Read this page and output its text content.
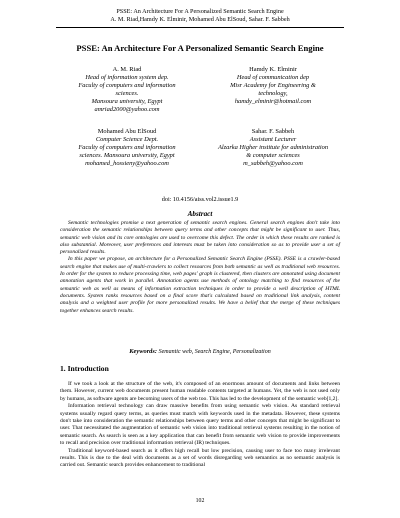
PSSE: An Architecture For A Personalized Semantic Search Engine
A. M. Riad,Hamdy K. Elminir, Mohamed Abu ElSoud, Sahar. F. Sabbeh
PSSE: An Architecture For A Personalized Semantic Search Engine
A. M. Riad
Head of information system dep.
Faculty of computers and information
sciences.
Mansoura university, Egypt
amriad2000@yahoo.com
Hamdy K. Elminir
Head of communication dep
Misr Academy for Engineering &
technology,
hamdy_elminir@hotmail.com
Mohamed Abu ElSoud
Computer Science Dept.
Faculty of computers and information
sciences. Mansoura university, Egypt
mohamed_hossieny@yahoo.com
Sahar. F. Sabbeh
Assistant Lecturer
Alzarka Higher institute for administration
& computer sciences
m_sabbeh@yahoo.com
doi: 10.4156/aiss.vol2.issue1.9
Abstract

Semantic technologies promise a next generation of semantic search engines. General search engines don't take into consideration the semantic relationships between query terms and other concepts that might be significant to user. Thus, semantic web vision and its core ontologies are used to overcome this defect. The order in which these results are ranked is also substantial. Moreover, user preferences and interests must be taken into consideration so as to provide user a set of personalized results.

In this paper we propose, an architecture for a Personalized Semantic Search Engine (PSSE). PSSE is a crawler-based search engine that makes use of multi-crawlers to collect resources from both semantic as well as traditional web resources. In order for the system to reduce processing time, web pages' graph is clustered, then clusters are annotated using document annotation agents that work in parallel. Annotation agents use methods of ontology matching to find resources of the semantic web as well as means of information extraction techniques in order to provide a well description of HTML documents. System ranks resources based on a final score that's calculated based on traditional link analysis, content analysis and a weighted user profile for more personalized results. We have a belief that the merge of these techniques together enhances search results.

Keywords: Semantic web, Search Engine, Personalization
1. Introduction

If we took a look at the structure of the web, it's composed of an enormous amount of documents and links between them. However, current web documents present human readable contents targeted at humans. Yet, the web is not used only by humans, as software agents are becoming users of the web too. This has led to the development of the semantic web[1,2].

Information retrieval technology can draw massive benefits from using semantic web vision. As standard retrieval systems usually regard query terms, as queries must match with keywords used in the metadata. However, these systems don't take into consideration the semantic relationships between query terms and other concepts that might be significant to user. That necessitated the augmentation of semantic web vision into traditional retrieval systems resulting in the notion of semantic search. As search is seen as a key application that can benefit from semantic web vision to provide improvements to recall and precision over traditional information retrieval (IR) techniques.

Traditional keyword-based search as it offers high recall but low precision, causing user to face too many irrelevant results. This is due to the deal with documents as a set of words disregarding web semantics as no semantic analysis is carried out. Semantic search provides enhancement to traditional

102
